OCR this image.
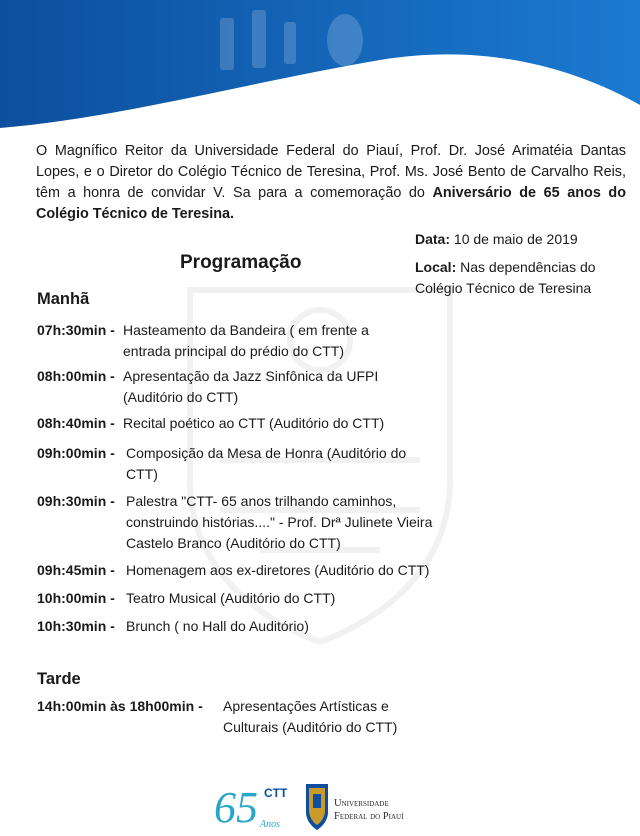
O Magnífico Reitor da Universidade Federal do Piauí, Prof. Dr. José Arimatéia Dantas Lopes, e o Diretor do Colégio Técnico de Teresina, Prof. Ms. José Bento de Carvalho Reis, têm a honra de convidar V. Sa para a comemoração do Aniversário de 65 anos do Colégio Técnico de Teresina.

Data: 10 de maio de 2019

Local: Nas dependências do Colégio Técnico de Teresina

Programação
Manhã
07h:30min - Hasteamento da Bandeira ( em frente a entrada principal do prédio do CTT)
08h:00min - Apresentação da Jazz Sinfônica da UFPI (Auditório do CTT)
08h:40min - Recital poético ao CTT (Auditório do CTT)
09h:00min - Composição da Mesa de Honra (Auditório do CTT)
09h:30min - Palestra "CTT- 65 anos trilhando caminhos, construindo histórias...." - Prof. Drª Julinete Vieira Castelo Branco (Auditório do CTT)
09h:45min - Homenagem aos ex-diretores (Auditório do CTT)
10h:00min - Teatro Musical (Auditório do CTT)
10h:30min - Brunch ( no Hall do Auditório)
Tarde
14h:00min às 18h00min - Apresentações Artísticas e Culturais (Auditório do CTT)
65 CTT
Anos
Universidade
Federal do Piauí
